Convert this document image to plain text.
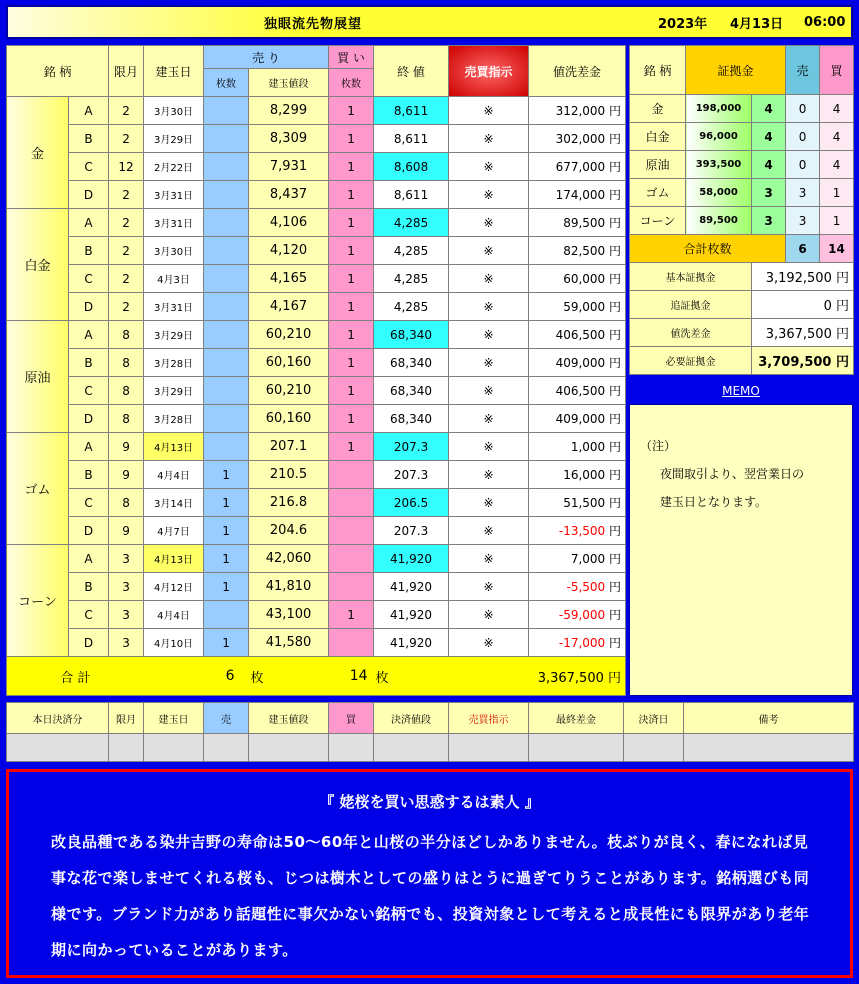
独眼流先物展望	2023年 4月13日 06:00
銘 柄		限月	建玉日	売 り		買 い	終 値	売買指示	値洗差金
				枚数	建玉値段	枚数			
金	A	2	3月30日		8,299	1	8,611	※	312,000 円
	B	2	3月29日		8,309	1	8,611	※	302,000 円
	C	12	2月22日		7,931	1	8,608	※	677,000 円
	D	2	3月31日		8,437	1	8,611	※	174,000 円
白金	A	2	3月31日		4,106	1	4,285	※	89,500 円
	B	2	3月30日		4,120	1	4,285	※	82,500 円
	C	2	4月3日		4,165	1	4,285	※	60,000 円
	D	2	3月31日		4,167	1	4,285	※	59,000 円
原油	A	8	3月29日		60,210	1	68,340	※	406,500 円
	B	8	3月28日		60,160	1	68,340	※	409,000 円
	C	8	3月29日		60,210	1	68,340	※	406,500 円
	D	8	3月28日		60,160	1	68,340	※	409,000 円
ゴム	A	9	4月13日		207.1	1	207.3	※	1,000 円
	B	9	4月4日	1	210.5		207.3	※	16,000 円
	C	8	3月14日	1	216.8		206.5	※	51,500 円
	D	9	4月7日	1	204.6		207.3	※	-13,500 円
コーン	A	3	4月13日	1	42,060		41,920	※	7,000 円
	B	3	4月12日	1	41,810		41,920	※	-5,500 円
	C	3	4月4日		43,100	1	41,920	※	-59,000 円
	D	3	4月10日	1	41,580		41,920	※	-17,000 円
合 計			6		枚	14	枚	3,367,500 円	
銘 柄	証拠金		売	買
金	198,000	4	0	4
白金	96,000	4	0	4
原油	393,500	4	0	4
ゴム	58,000	3	3	1
コーン	89,500	3	3	1
合計枚数			6	14
基本証拠金		3,192,500 円		
追証拠金		0 円		
値洗差金		3,367,500 円		
必要証拠金		3,709,500 円		
MEMO
（注）
夜間取引より、翌営業日の
建玉日となります。
本日決済分	限月	建玉日	売	建玉値段	買	決済値段	売買指示	最終差金	決済日	備考

『 姥桜を買い思惑するは素人 』
改良品種である染井吉野の寿命は50～60年と山桜の半分ほどしかありません。枝ぶりが良く、春になれば見事な花で楽しませてくれる桜も、じつは樹木としての盛りはとうに過ぎてりうことがあります。銘柄選びも同様です。ブランド力があり話題性に事欠かない銘柄でも、投資対象として考えると成長性にも限界があり老年期に向かっていることがあります。
